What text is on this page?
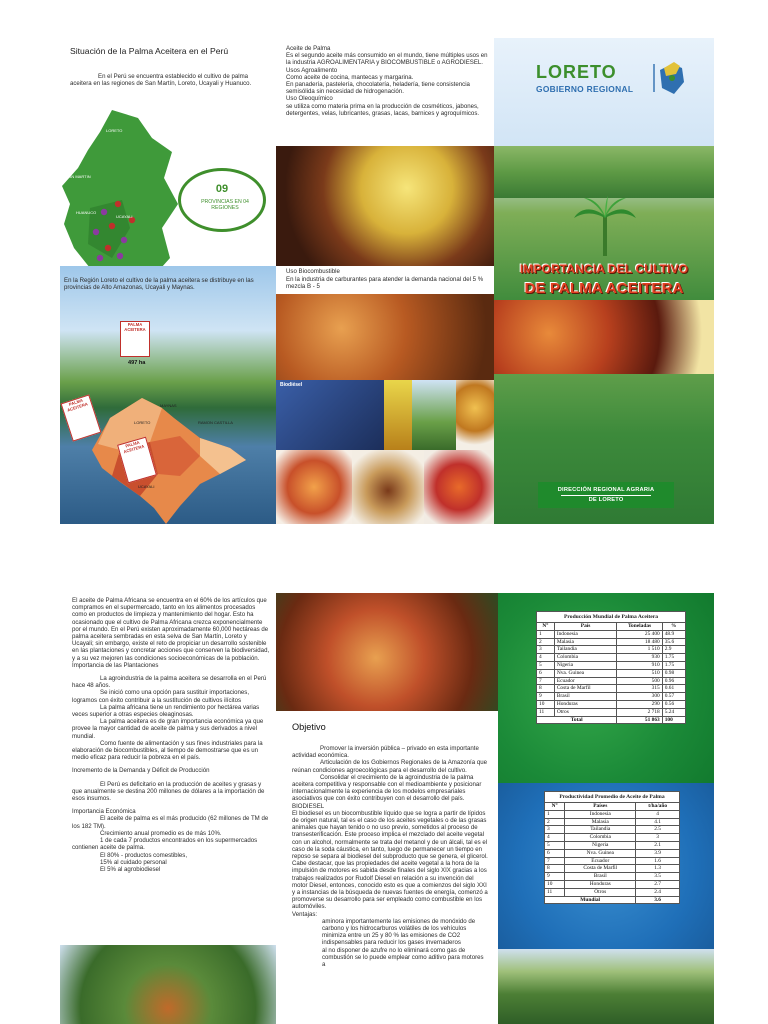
Situación de la Palma Aceitera en el Perú

En el Perú se encuentra establecido el cultivo de palma aceitera en las regiones de San Martín, Loreto, Ucayali y Huanuco.

LORETO
SAN MARTIN
HUANUCO
UCAYALI
09
PROVINCIAS EN 04 REGIONES

En la Región Loreto el cultivo de la palma aceitera se distribuye en las provincias de Alto Amazonas, Ucayali y Maynas.

MAYNAS
LORETO	RAMON CASTILLA
UCAYALI
PALMA ACEITERA
497 ha
PALMA ACEITERA
PALMA ACEITERA

Aceite de Palma
Es el segundo aceite más consumido en el mundo, tiene múltiples usos en la industria AGROALIMENTARIA y BIOCOMBUSTIBLE o AGRODIESEL.
Usos Agroalimento
Como aceite de cocina, mantecas y margarina.
En panadería, pastelería, chocolatería, heladería, tiene consistencia semisólida sin necesidad de hidrogenación.
Uso Oleoquímico
se utiliza como materia prima en la producción de cosméticos, jabones, detergentes, velas, lubricantes, grasas, lacas, barnices y agroquímicos.

Uso Biocombustible

En la industria de carburantes para atender la demanda nacional del 5 % mezcla B - 5

Biodiésel
LORETO
GOBIERNO REGIONAL
IMPORTANCIA DEL CULTIVO
DE PALMA ACEITERA
DIRECCIÓN REGIONAL AGRARIA
DE LORETO

El aceite de Palma Africana se encuentra en el 60% de los artículos que compramos en el supermercado, tanto en los alimentos procesados como en productos de limpieza y mantenimiento del hogar. Esto ha ocasionado que el cultivo de Palma Africana crezca exponencialmente por el mundo. En el Perú existen aproximadamente 60,000 hectáreas de palma aceitera sembradas en esta selva de San Martín, Loreto y Ucayali; sin embargo, existe el reto de propiciar un desarrollo sostenible en las plantaciones y concretar acciones que conserven la biodiversidad, y a su vez mejoren las condiciones socioeconómicas de la población.

Importancia de las Plantaciones

La agroindustria de la palma aceitera se desarrolla en el Perú hace 48 años.

Se inició como una opción para sustituir importaciones, logramos con éxito contribuir a la sustitución de cultivos ilícitos

La palma africana tiene un rendimiento por hectárea varias veces superior a otras especies oleaginosas.

La palma aceitera es de gran importancia económica ya que provee la mayor cantidad de aceite de palma y sus derivados a nivel mundial.

Como fuente de alimentación y sus fines industriales para la elaboración de biocombustibles, al tiempo de demostrarse que es un medio eficaz para reducir la pobreza en el país.

Incremento de la Demanda y Déficit de Producción

El Perú es deficitario en la producción de aceites y grasas y que anualmente se destina 200 millones de dólares a la importación de esos insumos.

Importancia Económica

El aceite de palma es el más producido (62 millones de TM de los 182 TM).

Crecimiento anual promedio es de más 10%.

1 de cada 7 productos encontrados en los supermercados contienen aceite de palma.

El 80% - productos comestibles,

15% al cuidado personal

El 5% al agrobiodiesel

Objetivo

Promover la inversión pública – privado en esta importante actividad económica.

Articulación de los Gobiernos Regionales de la Amazonía que reúnan condiciones agroecológicas para el desarrollo del cultivo.

Consolidar el crecimiento de la agroindustria de la palma aceitera competitiva y responsable con el medioambiente y posicionar internacionalmente la experiencia de los modelos empresariales asociativos que con éxito contribuyen con el desarrollo del país.

BIODIESEL

El biodiesel es un biocombustible líquido que se logra a partir de lípidos de origen natural, tal es el caso de los aceites vegetales o de las grasas animales que hayan tenido o no uso previo, sometidos al proceso de transesterificación. Este proceso implica el mezclado del aceite vegetal con un alcohol, normalmente se trata del metanol y de un álcali, tal es el caso de la soda cáustica, en tanto, luego de permanecer un tiempo en reposo se separa al biodiesel del subproducto que se genera, el glicerol.

Cabe destacar, que las propiedades del aceite vegetal a la hora de la impulsión de motores es sabida desde finales del siglo XIX gracias a los trabajos realizados por Rudolf Diesel en relación a su invención del motor Diesel, entonces, conocido esto es que a comienzos del siglo XXI y a instancias de la búsqueda de nuevas fuentes de energía, comenzó a promoverse su desarrollo para ser empleado como combustible en los automóviles.

Ventajas:

aminora importantemente las emisiones de monóxido de carbono y los hidrocarburos volátiles de los vehículos

minimiza entre un 25 y 80 % las emisiones de CO2

indispensables para reducir los gases invernaderos

al no disponer de azufre no lo eliminará como gas de combustión se lo puede emplear como aditivo para motores a

Producción Mundial de Palma Aceitera
N°	País	Toneladas	%
1	Indonesia	25 400	48.9
2	Malasia	18 480	35.6
3	Tailandia	1 510	2.9
4	Colombia	930	1.75
5	Nigeria	910	1.75
6	Nva. Guinea	510	0.98
7	Ecuador	500	0.96
8	Costa de Marfil	315	0.61
9	Brasil	300	0.57
10	Honduras	290	0.56
11	Otros	2 718	5.24
Total		51 863	100
Productividad Promedio de Aceite de Palma
N°	Países	t/ha/año
1	Indonesia	4
2	Malasia	4.1
3	Tailandia	2.5
4	Colombia	3
5	Nigeria	2.1
6	Nva. Guinea	3.9
7	Ecuador	1.6
8	Costa de Marfil	1.3
9	Brasil	3.5
10	Honduras	2.7
11	Otros	2.4
Mundial		3.6
